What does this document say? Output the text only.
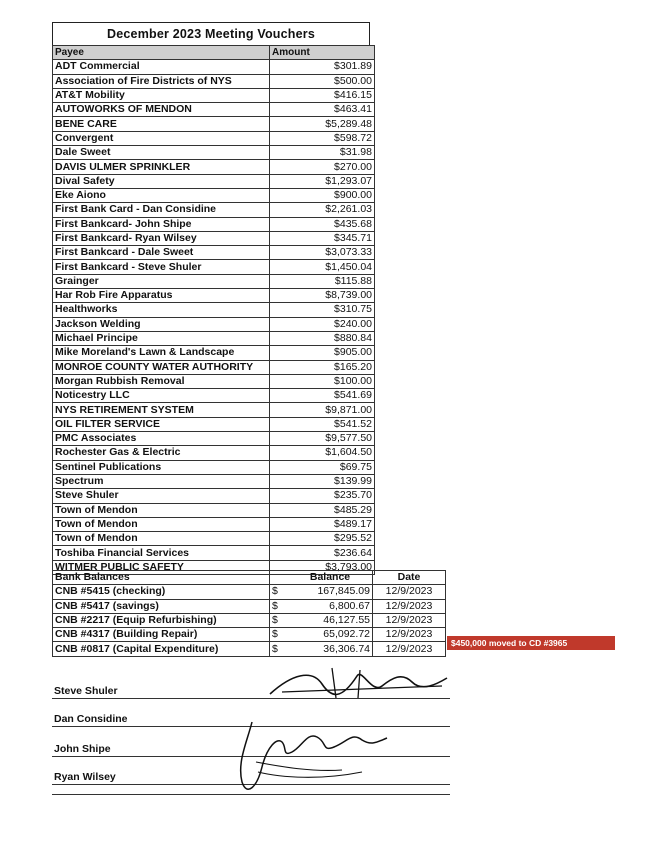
December 2023 Meeting Vouchers
Payee	Amount
ADT Commercial	$301.89
Association of Fire Districts of NYS	$500.00
AT&T Mobility	$416.15
AUTOWORKS OF MENDON	$463.41
BENE CARE	$5,289.48
Convergent	$598.72
Dale Sweet	$31.98
DAVIS ULMER SPRINKLER	$270.00
Dival Safety	$1,293.07
Eke Aiono	$900.00
First Bank Card - Dan Considine	$2,261.03
First Bankcard- John Shipe	$435.68
First Bankcard- Ryan Wilsey	$345.71
First Bankcard - Dale Sweet	$3,073.33
First Bankcard - Steve Shuler	$1,450.04
Grainger	$115.88
Har Rob Fire Apparatus	$8,739.00
Healthworks	$310.75
Jackson Welding	$240.00
Michael Principe	$880.84
Mike Moreland's Lawn & Landscape	$905.00
MONROE COUNTY WATER AUTHORITY	$165.20
Morgan Rubbish Removal	$100.00
Noticestry LLC	$541.69
NYS RETIREMENT SYSTEM	$9,871.00
OIL FILTER SERVICE	$541.52
PMC Associates	$9,577.50
Rochester Gas & Electric	$1,604.50
Sentinel Publications	$69.75
Spectrum	$139.99
Steve Shuler	$235.70
Town of Mendon	$485.29
Town of Mendon	$489.17
Town of Mendon	$295.52
Toshiba Financial Services	$236.64
WITMER PUBLIC SAFETY	$3,793.00
Bank Balances		Balance	Date
CNB #5415 (checking)	$	167,845.09	12/9/2023
CNB #5417 (savings)	$	6,800.67	12/9/2023
CNB #2217 (Equip Refurbishing)	$	46,127.55	12/9/2023
CNB #4317 (Building Repair)	$	65,092.72	12/9/2023
CNB #0817 (Capital Expenditure)	$	36,306.74	12/9/2023	$450,000 moved to CD #3965
Steve Shuler
Dan Considine
John Shipe
Ryan Wilsey
